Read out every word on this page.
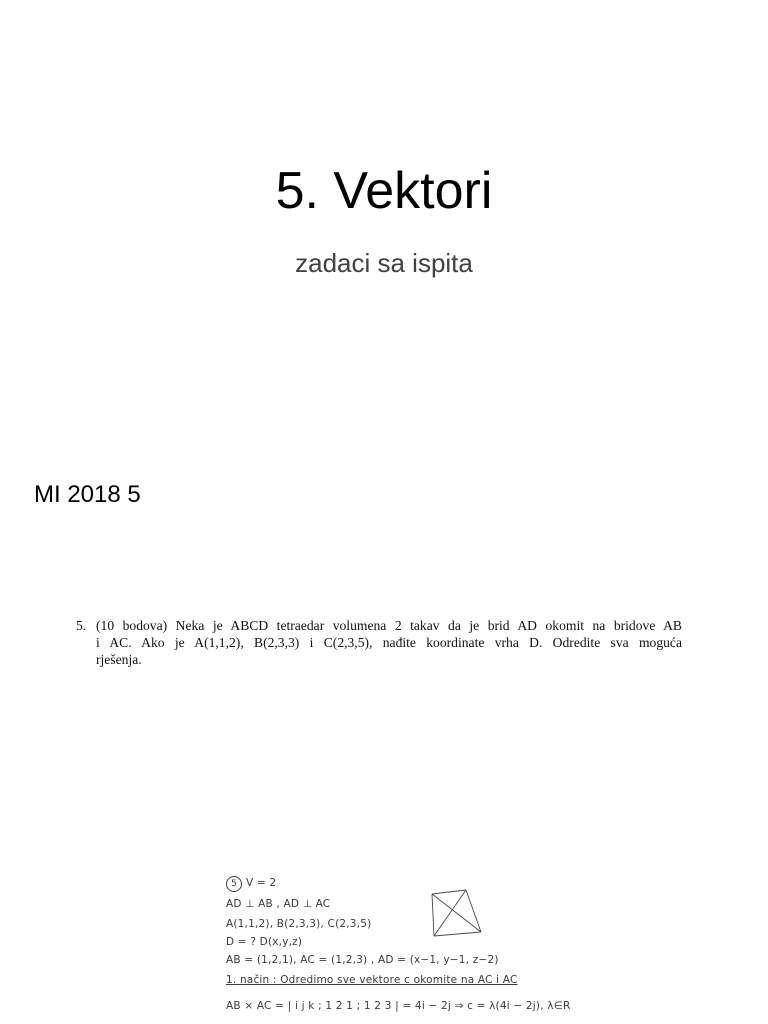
5. Vektori
zadaci sa ispita
MI 2018 5
5. (10 bodova) Neka je ABCD tetraedar volumena 2 takav da je brid AD okomit na bridove AB
i AC. Ako je A(1,1,2), B(2,3,3) i C(2,3,5), nađite koordinate vrha D. Odredite sva moguća
rješenja.
5 V = 2
AD ⊥ AB , AD ⊥ AC
A(1,1,2), B(2,3,3), C(2,3,5)
D = ? D(x,y,z)
AB = (1,2,1), AC = (1,2,3) , AD = (x−1, y−1, z−2)
1. način : Odredimo sve vektore c okomite na AC i AC
AB × AC = | i j k ; 1 2 1 ; 1 2 3 | = 4i − 2j ⇒ c = λ(4i − 2j), λ∈R
